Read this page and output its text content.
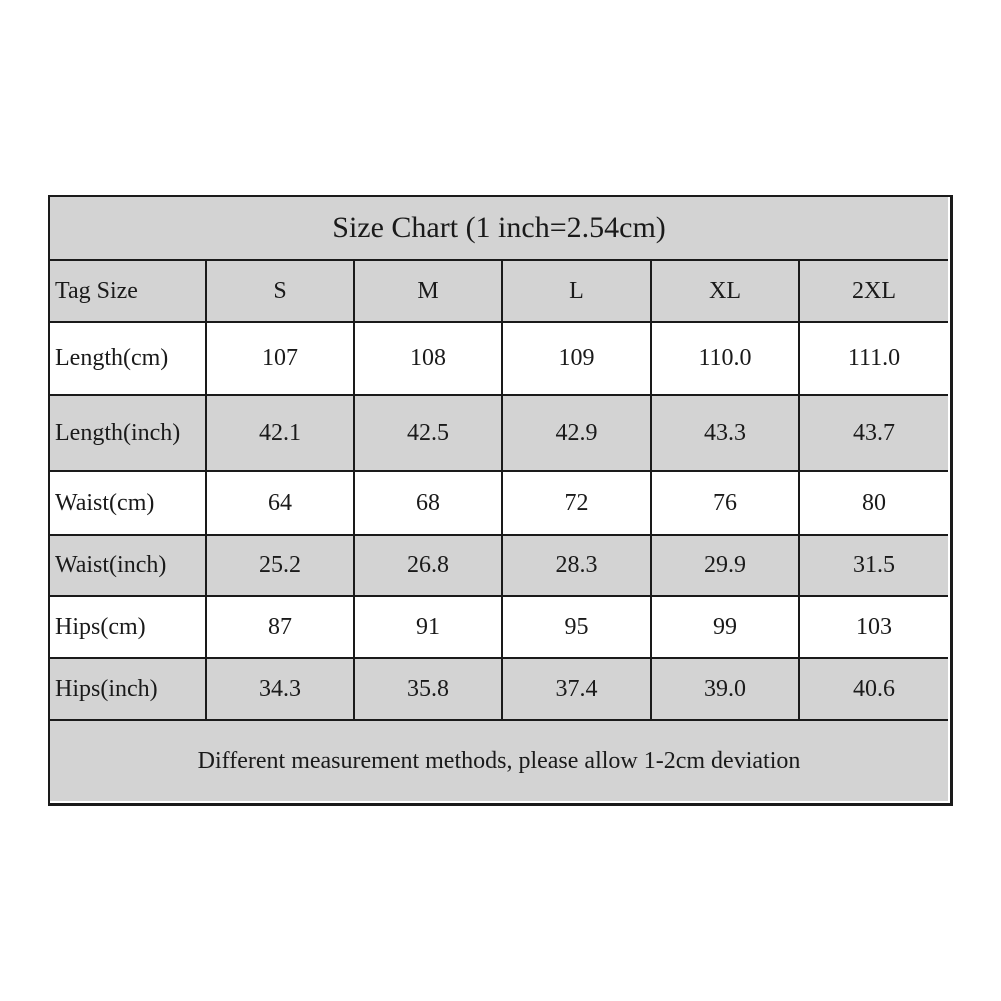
Size Chart (1 inch=2.54cm)					
Tag Size	S	M	L	XL	2XL
Length(cm)	107	108	109	110.0	111.0
Length(inch)	42.1	42.5	42.9	43.3	43.7
Waist(cm)	64	68	72	76	80
Waist(inch)	25.2	26.8	28.3	29.9	31.5
Hips(cm)	87	91	95	99	103
Hips(inch)	34.3	35.8	37.4	39.0	40.6
Different measurement methods, please allow 1-2cm deviation					
